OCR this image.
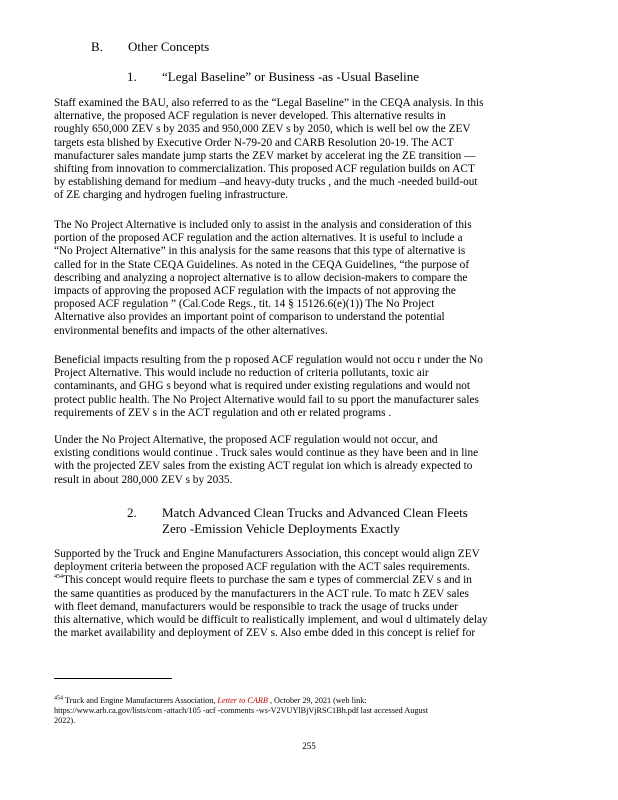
B. Other Concepts
1. “Legal Baseline” or Business -as -Usual Baseline
Staff examined the BAU, also referred to as the “Legal Baseline” in the CEQA analysis. In this
alternative, the proposed ACF regulation is never developed. This alternative results in
roughly 650,000 ZEV s by 2035 and 950,000 ZEV s by 2050, which is well bel ow the ZEV
targets esta blished by Executive Order N-79-20 and CARB Resolution 20-19. The ACT
manufacturer sales mandate jump starts the ZEV market by accelerat ing the ZE transition —
shifting from innovation to commercialization. This proposed ACF regulation builds on ACT
by establishing demand for medium –and heavy-duty trucks , and the much -needed build-out
of ZE charging and hydrogen fueling infrastructure.
The No Project Alternative is included only to assist in the analysis and consideration of this
portion of the proposed ACF regulation and the action alternatives. It is useful to include a
“No Project Alternative” in this analysis for the same reasons that this type of alternative is
called for in the State CEQA Guidelines. As noted in the CEQA Guidelines, “the purpose of
describing and analyzing a noproject alternative is to allow decision-makers to compare the
impacts of approving the proposed ACF regulation with the impacts of not approving the
proposed ACF regulation ” (Cal.Code Regs., tit. 14 § 15126.6(e)(1)) The No Project
Alternative also provides an important point of comparison to understand the potential
environmental benefits and impacts of the other alternatives.
Beneficial impacts resulting from the p roposed ACF regulation would not occu r under the No
Project Alternative. This would include no reduction of criteria pollutants, toxic air
contaminants, and GHG s beyond what is required under existing regulations and would not
protect public health. The No Project Alternative would fail to su pport the manufacturer sales
requirements of ZEV s in the ACT regulation and oth er related programs .
Under the No Project Alternative, the proposed ACF regulation would not occur, and
existing conditions would continue . Truck sales would continue as they have been and in line
with the projected ZEV sales from the existing ACT regulat ion which is already expected to
result in about 280,000 ZEV s by 2035.
2. Match Advanced Clean Trucks and Advanced Clean Fleets
Zero -Emission Vehicle Deployments Exactly
Supported by the Truck and Engine Manufacturers Association, this concept would align ZEV
deployment criteria between the proposed ACF regulation with the ACT sales requirements.
$^{454}$This concept would require fleets to purchase the sam e types of commercial ZEV s and in
the same quantities as produced by the manufacturers in the ACT rule. To matc h ZEV sales
with fleet demand, manufacturers would be responsible to track the usage of trucks under
this alternative, which would be difficult to realistically implement, and woul d ultimately delay
the market availability and deployment of ZEV s. Also embe dded in this concept is relief for
$^{454}$ Truck and Engine Manufacturers Association, Letter to CARB , October 29, 2021 (web link:
https://www.arb.ca.gov/lists/com -attach/105 -acf -comments -ws-V2VUYlBjVjRSC1Bh.pdf last accessed August
2022).
255
